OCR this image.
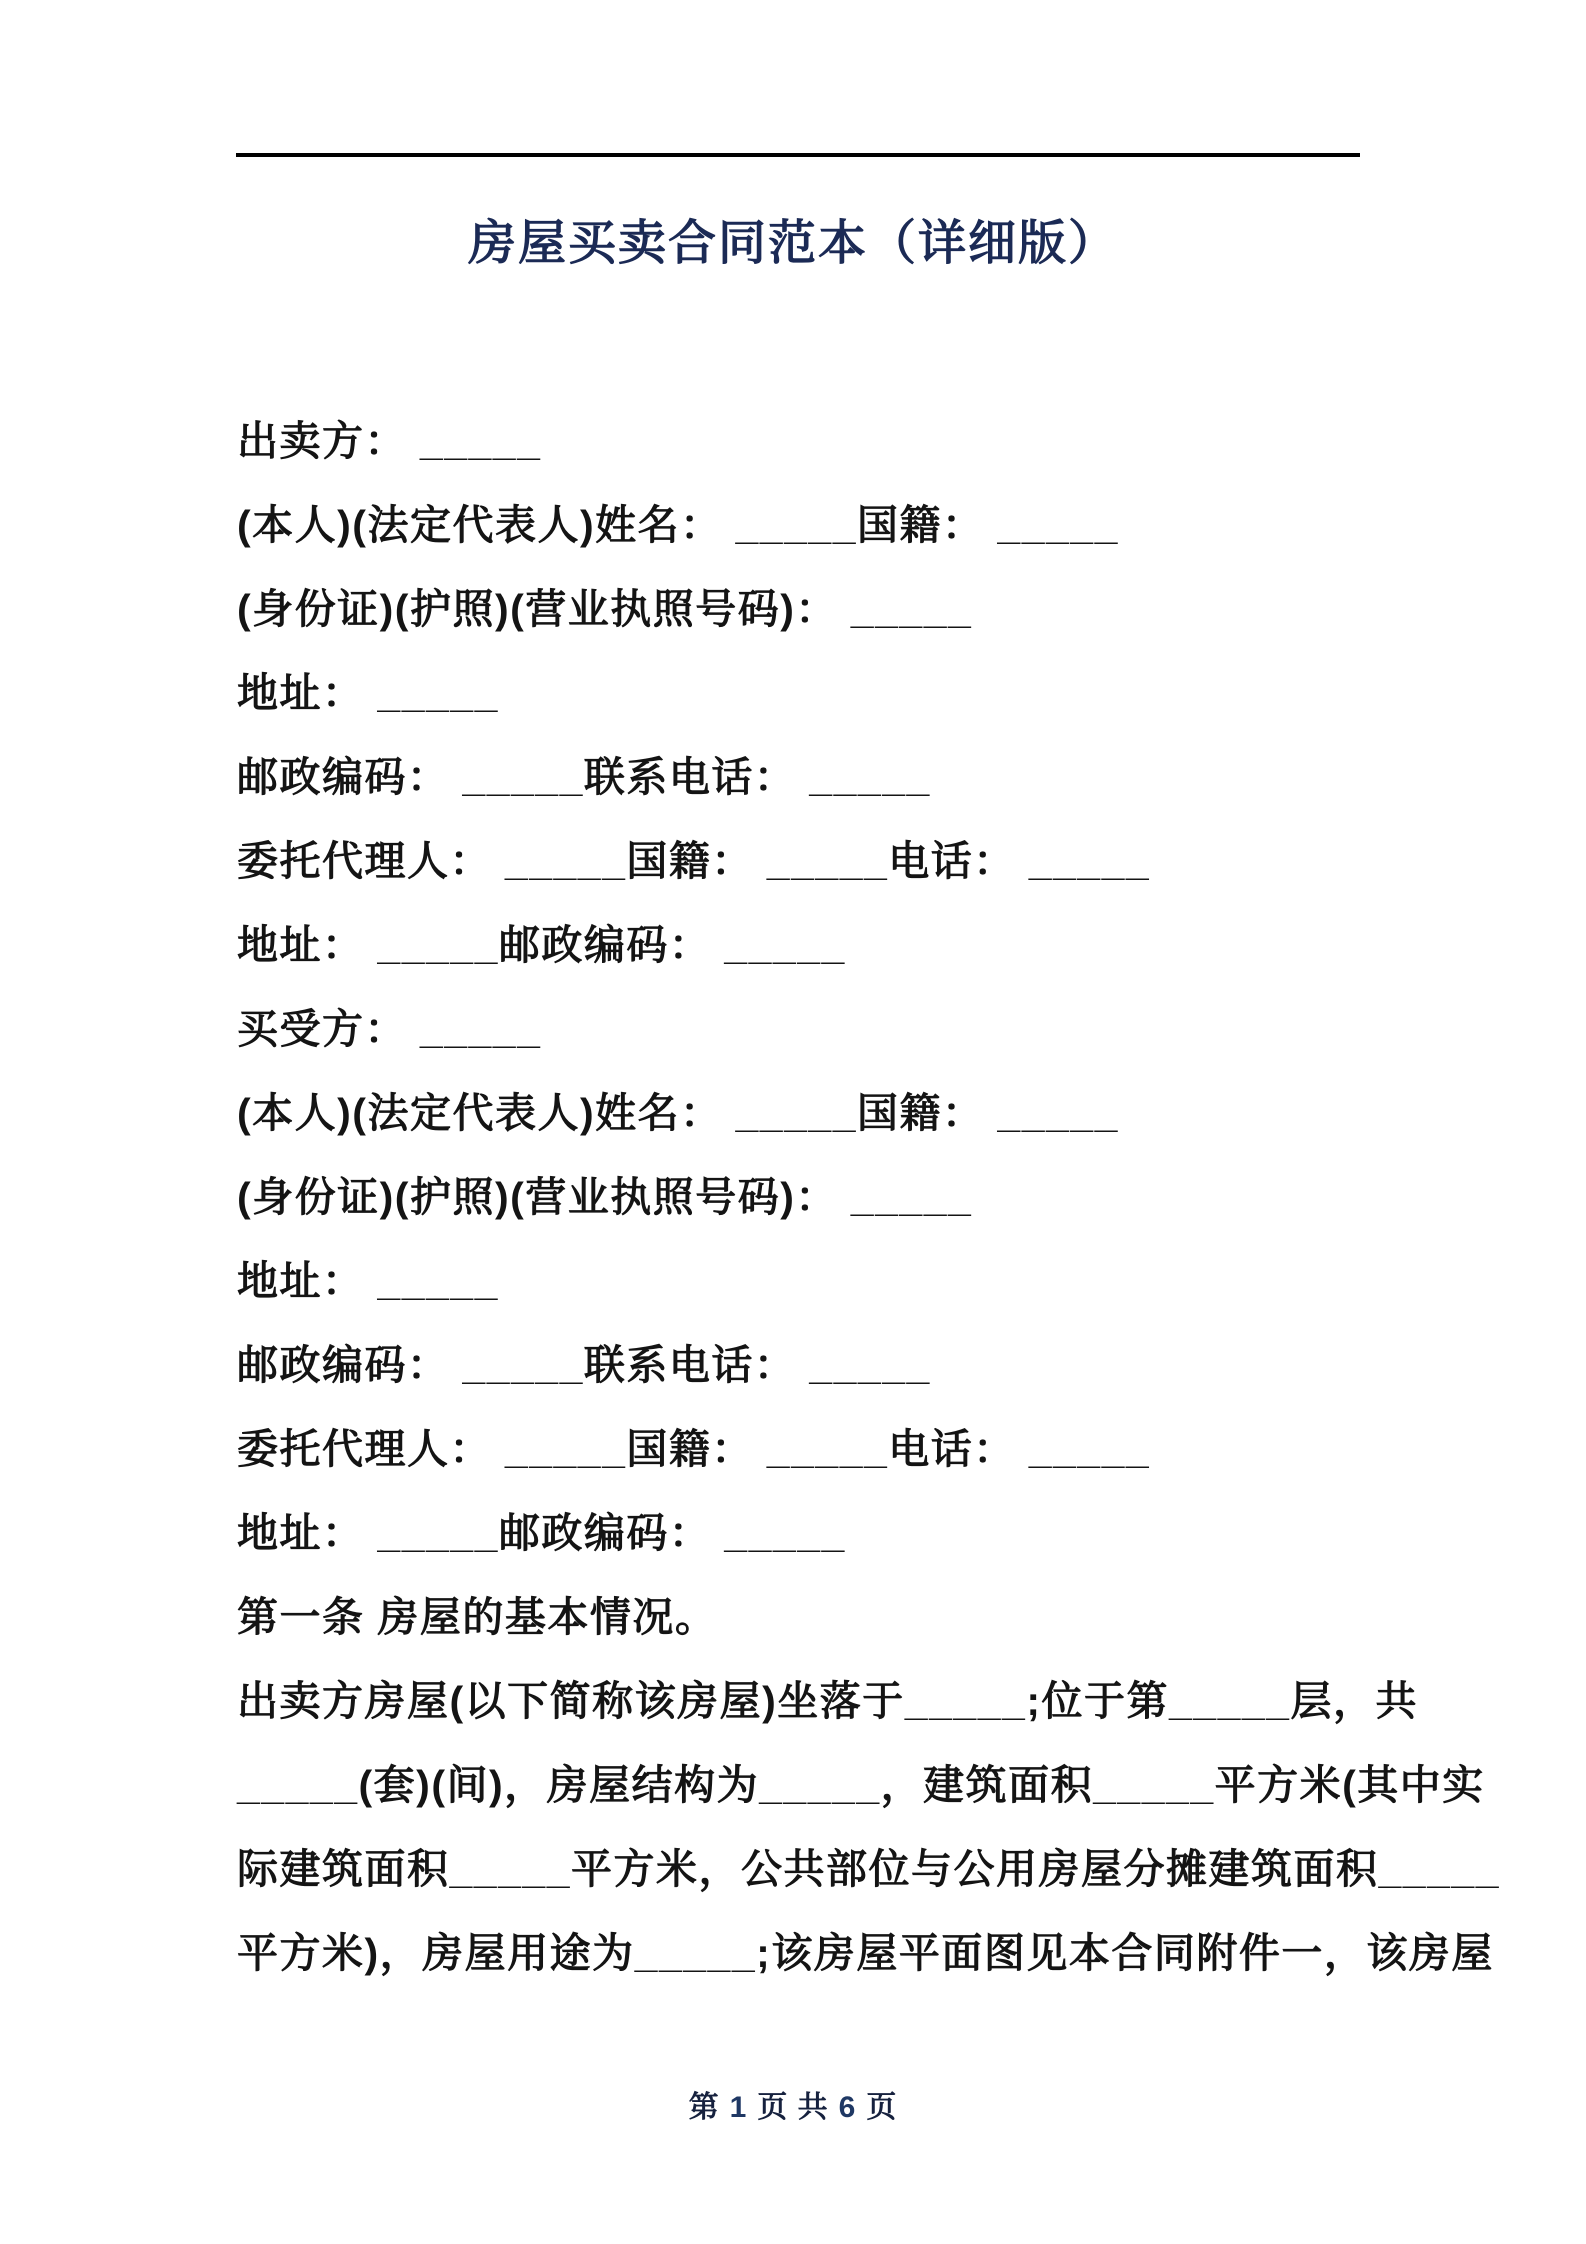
房屋买卖合同范本（详细版）
出卖方： _____
(本人)(法定代表人)姓名： _____国籍： _____
(身份证)(护照)(营业执照号码)： _____
地址： _____
邮政编码： _____联系电话： _____
委托代理人： _____国籍： _____电话： _____
地址： _____邮政编码： _____
买受方： _____
(本人)(法定代表人)姓名： _____国籍： _____
(身份证)(护照)(营业执照号码)： _____
地址： _____
邮政编码： _____联系电话： _____
委托代理人： _____国籍： _____电话： _____
地址： _____邮政编码： _____
第一条 房屋的基本情况。
出卖方房屋(以下简称该房屋)坐落于_____;位于第_____层，共
_____(套)(间)，房屋结构为_____，建筑面积_____平方米(其中实
际建筑面积_____平方米，公共部位与公用房屋分摊建筑面积_____
平方米)，房屋用途为_____;该房屋平面图见本合同附件一，该房屋
第 1 页 共 6 页
